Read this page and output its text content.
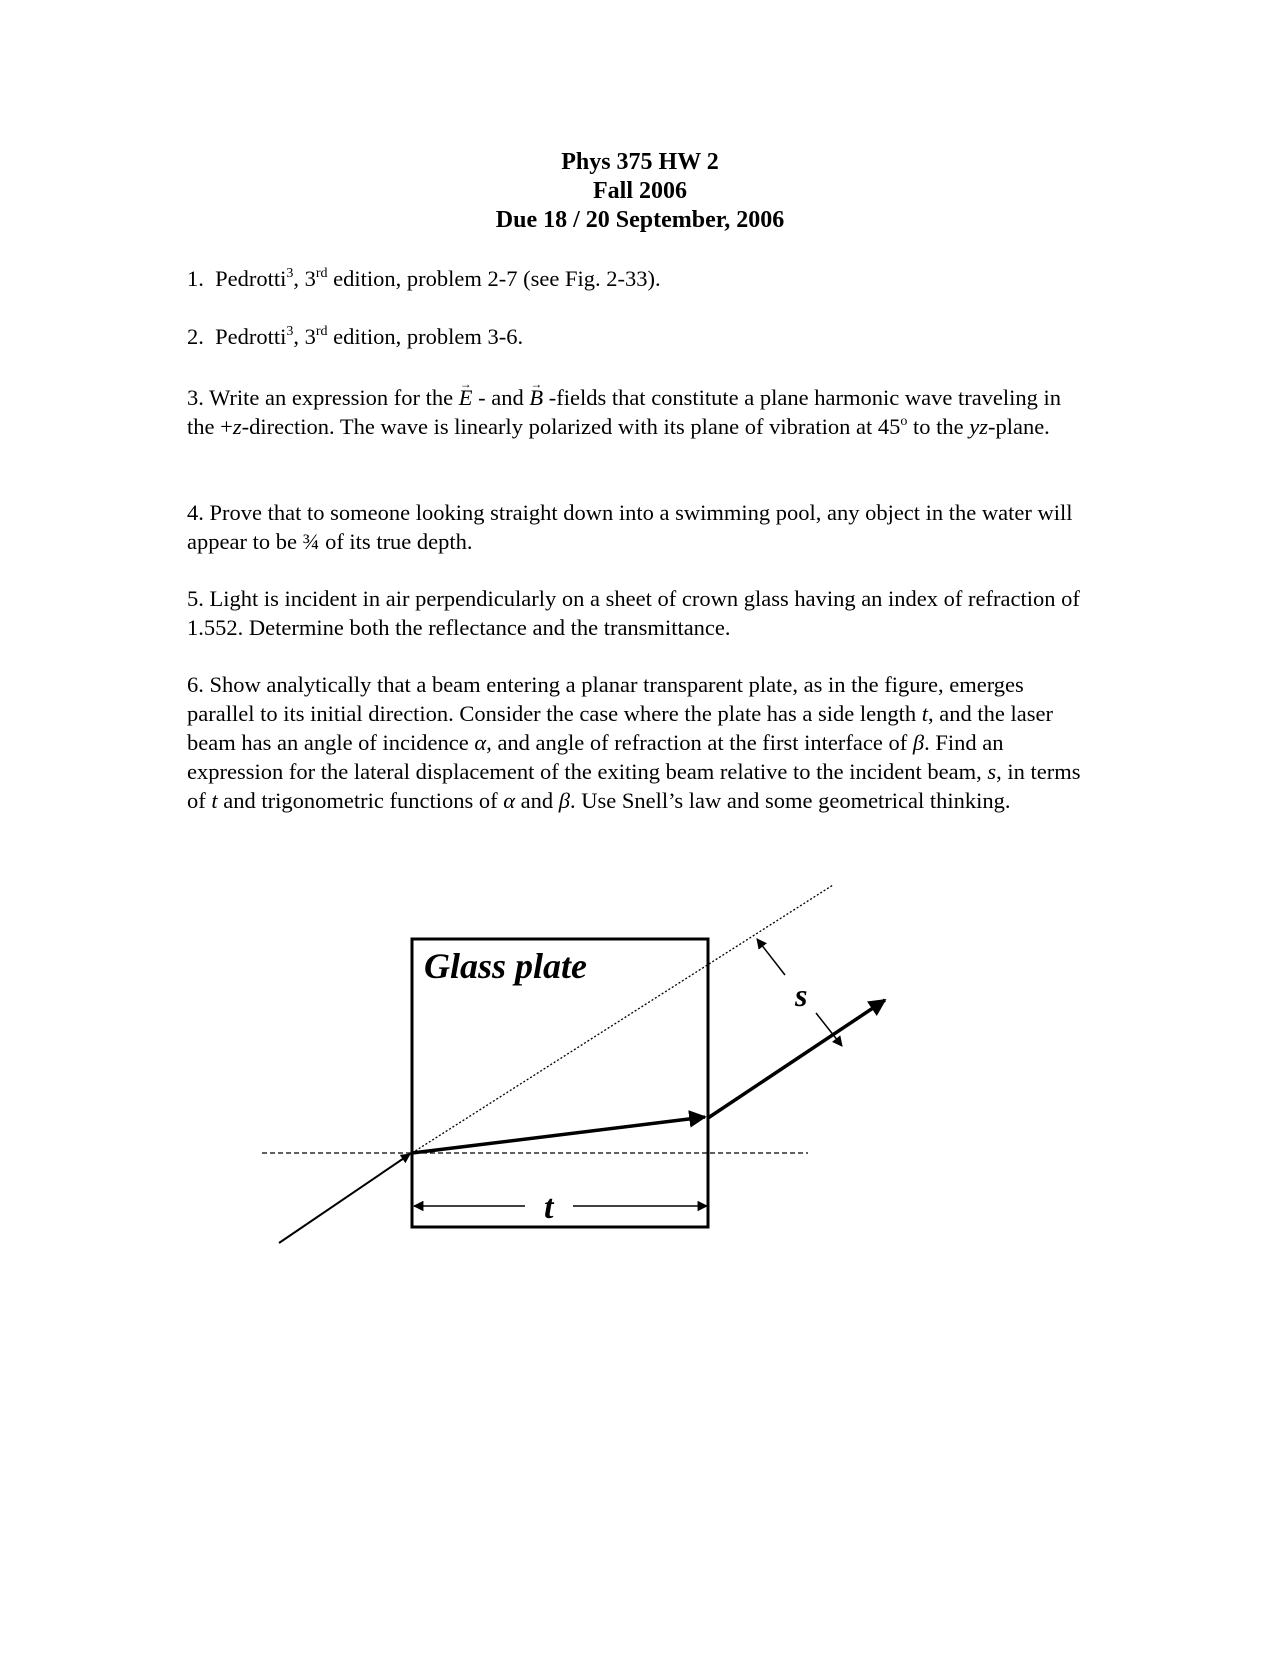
Phys 375 HW 2
Fall 2006
Due 18 / 20 September, 2006
1. Pedrotti$^3$, 3rd edition, problem 2-7 (see Fig. 2-33).
2. Pedrotti$^3$, 3rd edition, problem 3-6.
3. Write an expression for the → E - and → B -fields that constitute a plane harmonic wave traveling in the +z-direction. The wave is linearly polarized with its plane of vibration at 45$^o$ to the yz-plane.
4. Prove that to someone looking straight down into a swimming pool, any object in the water will appear to be ¾ of its true depth.
5. Light is incident in air perpendicularly on a sheet of crown glass having an index of refraction of 1.552. Determine both the reflectance and the transmittance.
6. Show analytically that a beam entering a planar transparent plate, as in the figure, emerges parallel to its initial direction. Consider the case where the plate has a side length t, and the laser beam has an angle of incidence α, and angle of refraction at the first interface of β. Find an expression for the lateral displacement of the exiting beam relative to the incident beam, s, in terms of t and trigonometric functions of α and β. Use Snell’s law and some geometrical thinking.
Glass plate
s
t
